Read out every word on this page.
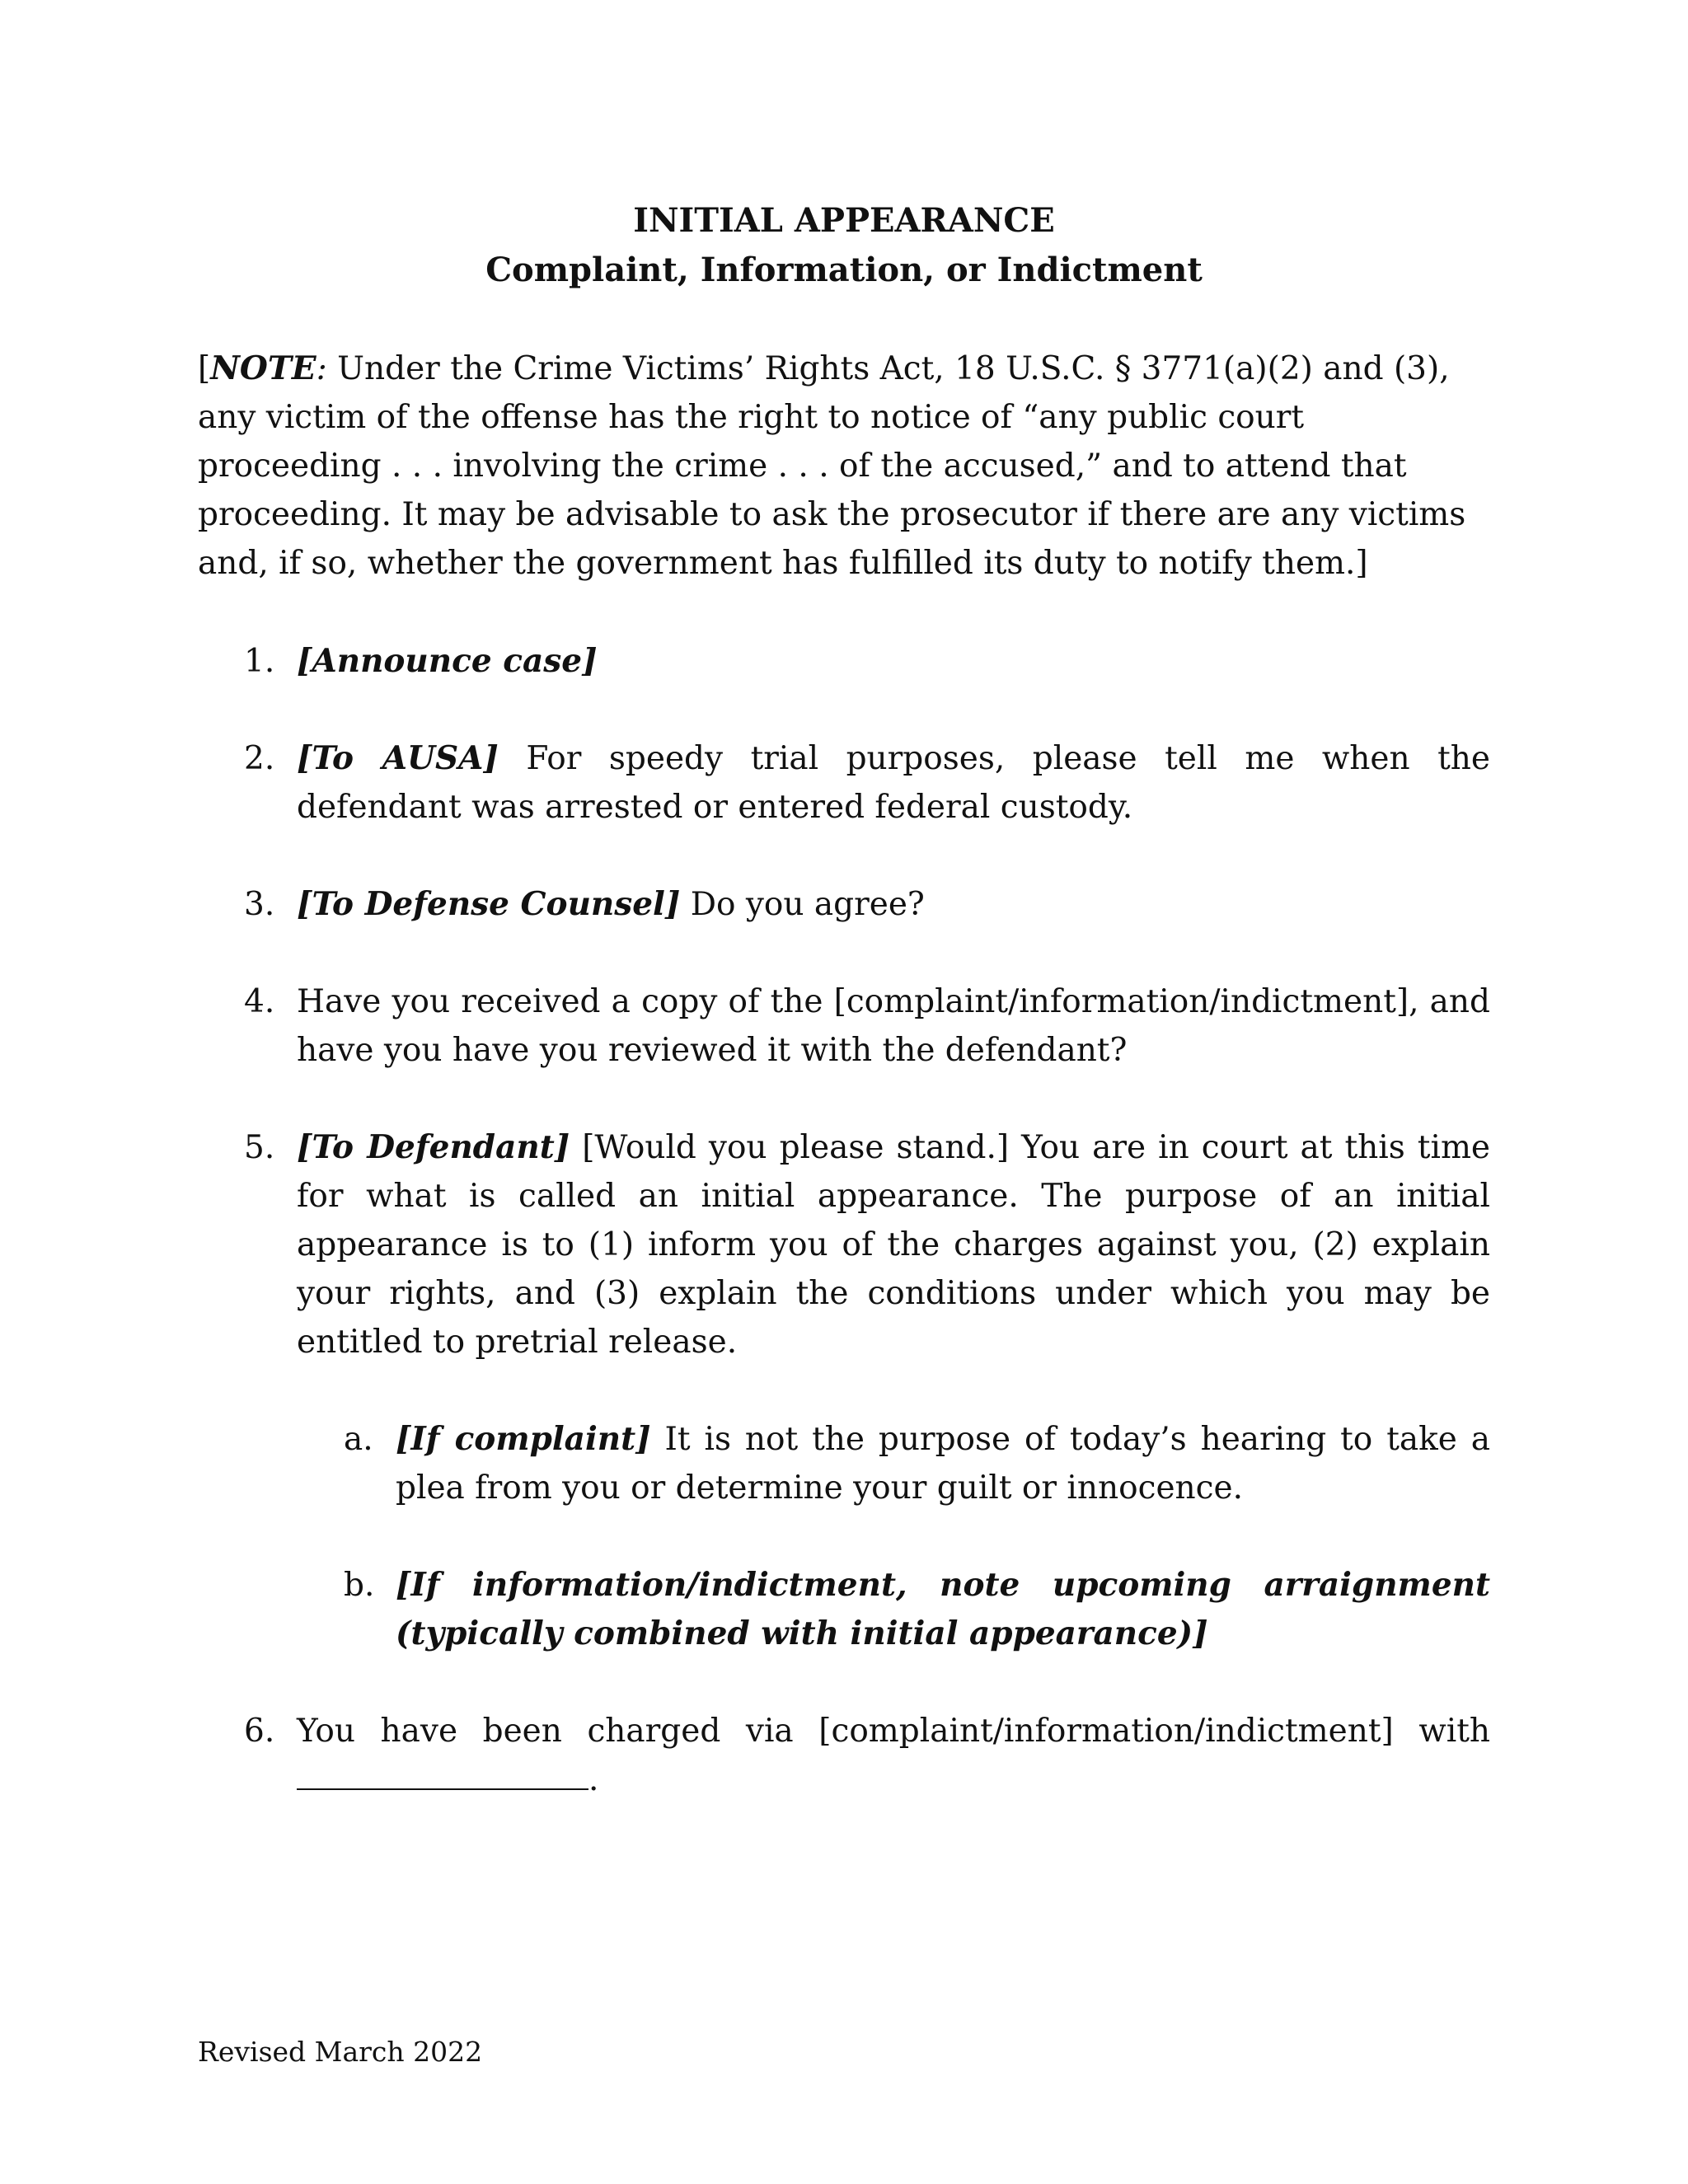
INITIAL APPEARANCE
Complaint, Information, or Indictment

[NOTE: Under the Crime Victims’ Rights Act, 18 U.S.C. § 3771(a)(2) and (3), any victim of the offense has the right to notice of “any public court proceeding . . . involving the crime . . . of the accused,” and to attend that proceeding. It may be advisable to ask the prosecutor if there are any victims and, if so, whether the government has fulfilled its duty to notify them.]
1. [Announce case]
2. [To AUSA] For speedy trial purposes, please tell me when the defendant was arrested or entered federal custody.
3. [To Defense Counsel] Do you agree?
4. Have you received a copy of the [complaint/information/indictment], and have you have you reviewed it with the defendant?
5. [To Defendant] [Would you please stand.] You are in court at this time for what is called an initial appearance. The purpose of an initial appearance is to (1) inform you of the charges against you, (2) explain your rights, and (3) explain the conditions under which you may be entitled to pretrial release.
a. [If complaint] It is not the purpose of today’s hearing to take a plea from you or determine your guilt or innocence.
b. [If information/indictment, note upcoming arraignment (typically combined with initial appearance)]
6. You have been charged via [complaint/information/indictment] with .
Revised March 2022
